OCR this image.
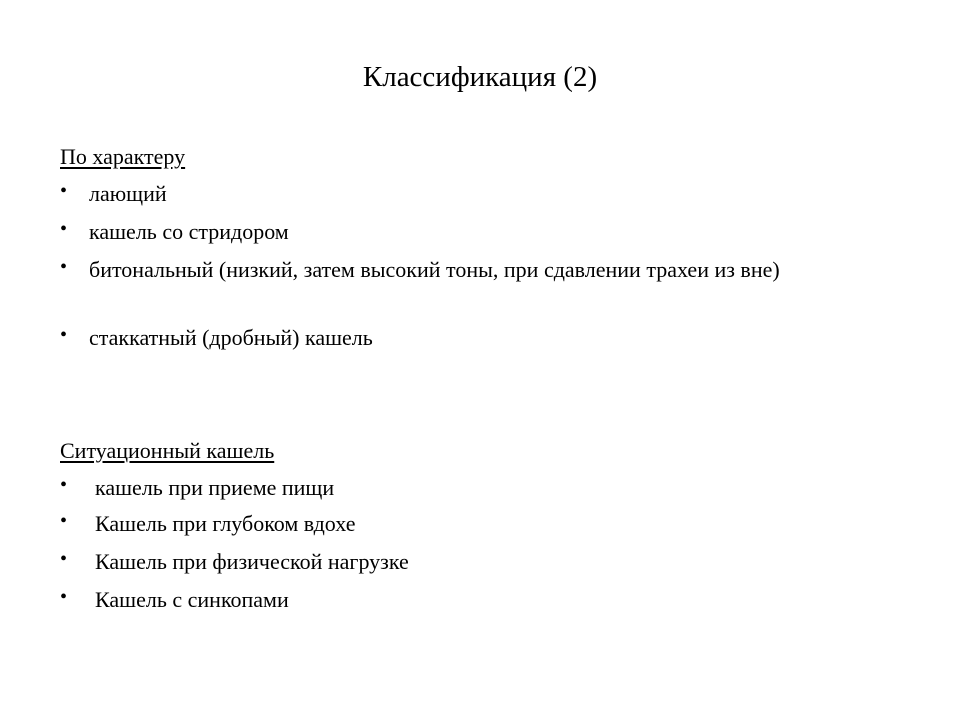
Классификация (2)
По характеру
• лающий
• кашель со стридором
• битональный (низкий, затем высокий тоны, при сдавлении трахеи из вне)
• стаккатный (дробный) кашель
Ситуационный кашель
•	кашель при приеме пищи
•	Кашель при глубоком вдохе
•	Кашель при физической нагрузке
•	Кашель с синкопами
